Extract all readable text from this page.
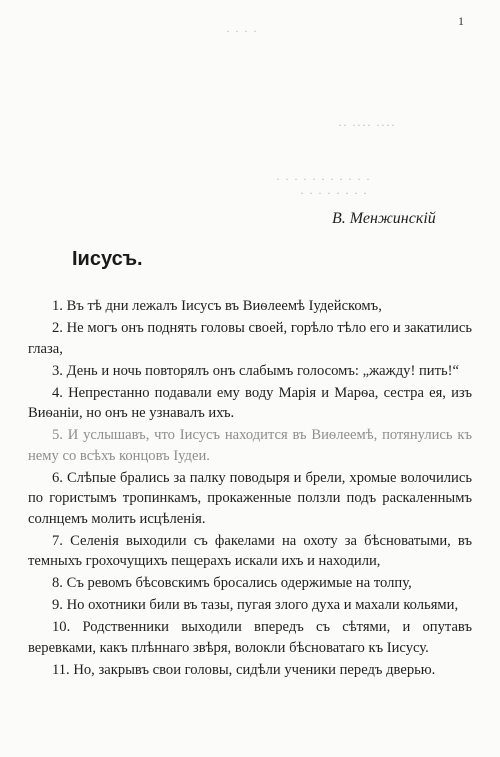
1
· · · ·
·· ···· ····
· · · · · · · · · · ·
· · · · · · · ·
В. Менжинскій
Іисусъ.

1. Въ тѣ дни лежалъ Іисусъ въ Виѳлеемѣ Іудейскомъ,

2. Не могъ онъ поднять головы своей, горѣло тѣло его и закатились глаза,

3. День и ночь повторялъ онъ слабымъ голосомъ: „жажду! пить!“

4. Непрестанно подавали ему воду Марія и Марѳа, сестра ея, изъ Виѳаніи, но онъ не узнавалъ ихъ.

5. И услышавъ, что Іисусъ находится въ Виѳлеемѣ, потянулись къ нему со всѣхъ концовъ Іудеи.

6. Слѣпые брались за палку поводыря и брели, хромые волочились по гористымъ тропинкамъ, прокаженные ползли подъ раскаленнымъ солнцемъ молить исцѣленія.

7. Селенія выходили съ факелами на охоту за бѣсноватыми, въ темныхъ грохочущихъ пещерахъ искали ихъ и находили,

8. Съ ревомъ бѣсовскимъ бросались одержимые на толпу,

9. Но охотники били въ тазы, пугая злого духа и махали кольями,

10. Родственники выходили впередъ съ сѣтями, и опутавъ веревками, какъ плѣннаго звѣря, волокли бѣсноватаго къ Іисусу.

11. Но, закрывъ свои головы, сидѣли ученики передъ дверью.
